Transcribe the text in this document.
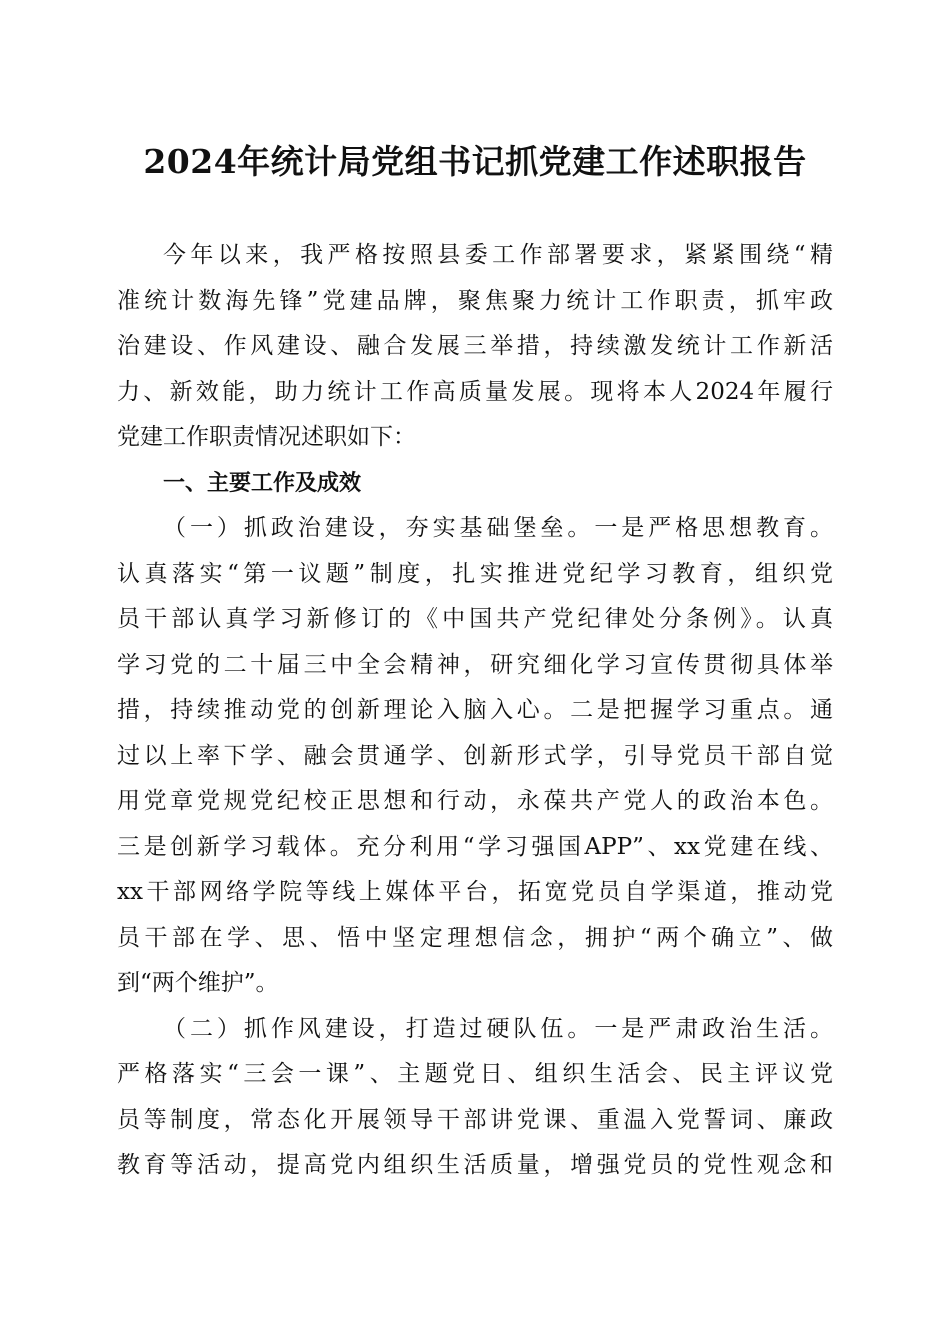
2024年统计局党组书记抓党建工作述职报告
今年以来，我严格按照县委工作部署要求，紧紧围绕“精
准统计数海先锋”党建品牌，聚焦聚力统计工作职责，抓牢政
治建设、作风建设、融合发展三举措，持续激发统计工作新活
力、新效能，助力统计工作高质量发展。现将本人2024年履行
党建工作职责情况述职如下：
一、主要工作及成效
（一）抓政治建设，夯实基础堡垒。一是严格思想教育。
认真落实“第一议题”制度，扎实推进党纪学习教育，组织党
员干部认真学习新修订的《中国共产党纪律处分条例》。认真
学习党的二十届三中全会精神，研究细化学习宣传贯彻具体举
措，持续推动党的创新理论入脑入心。二是把握学习重点。通
过以上率下学、融会贯通学、创新形式学，引导党员干部自觉
用党章党规党纪校正思想和行动，永葆共产党人的政治本色。
三是创新学习载体。充分利用“学习强国APP”、xx党建在线、
xx干部网络学院等线上媒体平台，拓宽党员自学渠道，推动党
员干部在学、思、悟中坚定理想信念，拥护“两个确立”、做
到“两个维护”。
（二）抓作风建设，打造过硬队伍。一是严肃政治生活。
严格落实“三会一课”、主题党日、组织生活会、民主评议党
员等制度，常态化开展领导干部讲党课、重温入党誓词、廉政
教育等活动，提高党内组织生活质量，增强党员的党性观念和
